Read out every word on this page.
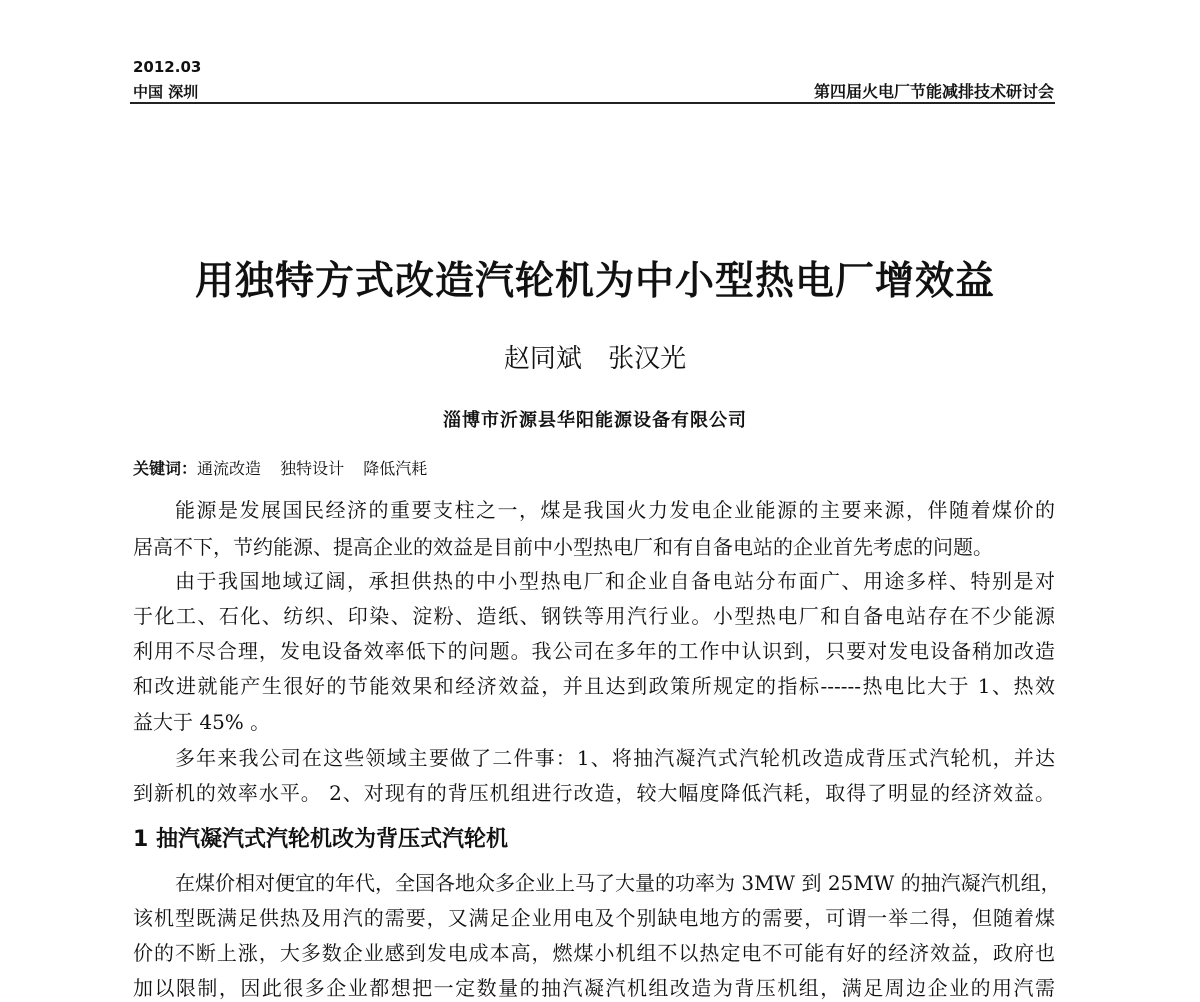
2012.03
中国 深圳	第四届火电厂节能减排技术研讨会
用独特方式改造汽轮机为中小型热电厂增效益
赵同斌 张汉光
淄博市沂源县华阳能源设备有限公司
关键词：通流改造 独特设计 降低汽耗
能源是发展国民经济的重要支柱之一，煤是我国火力发电企业能源的主要来源，伴随着煤价的
居高不下，节约能源、提高企业的效益是目前中小型热电厂和有自备电站的企业首先考虑的问题。
由于我国地域辽阔，承担供热的中小型热电厂和企业自备电站分布面广、用途多样、特别是对
于化工、石化、纺织、印染、淀粉、造纸、钢铁等用汽行业。小型热电厂和自备电站存在不少能源
利用不尽合理，发电设备效率低下的问题。我公司在多年的工作中认识到，只要对发电设备稍加改造
和改进就能产生很好的节能效果和经济效益，并且达到政策所规定的指标------热电比大于 1、热效
益大于 45% 。
多年来我公司在这些领域主要做了二件事：1、将抽汽凝汽式汽轮机改造成背压式汽轮机，并达
到新机的效率水平。 2、对现有的背压机组进行改造，较大幅度降低汽耗，取得了明显的经济效益。
1 抽汽凝汽式汽轮机改为背压式汽轮机
在煤价相对便宜的年代，全国各地众多企业上马了大量的功率为 3MW 到 25MW 的抽汽凝汽机组，
该机型既满足供热及用汽的需要，又满足企业用电及个别缺电地方的需要，可谓一举二得，但随着煤
价的不断上涨，大多数企业感到发电成本高，燃煤小机组不以热定电不可能有好的经济效益，政府也
加以限制，因此很多企业都想把一定数量的抽汽凝汽机组改造为背压机组，满足周边企业的用汽需
